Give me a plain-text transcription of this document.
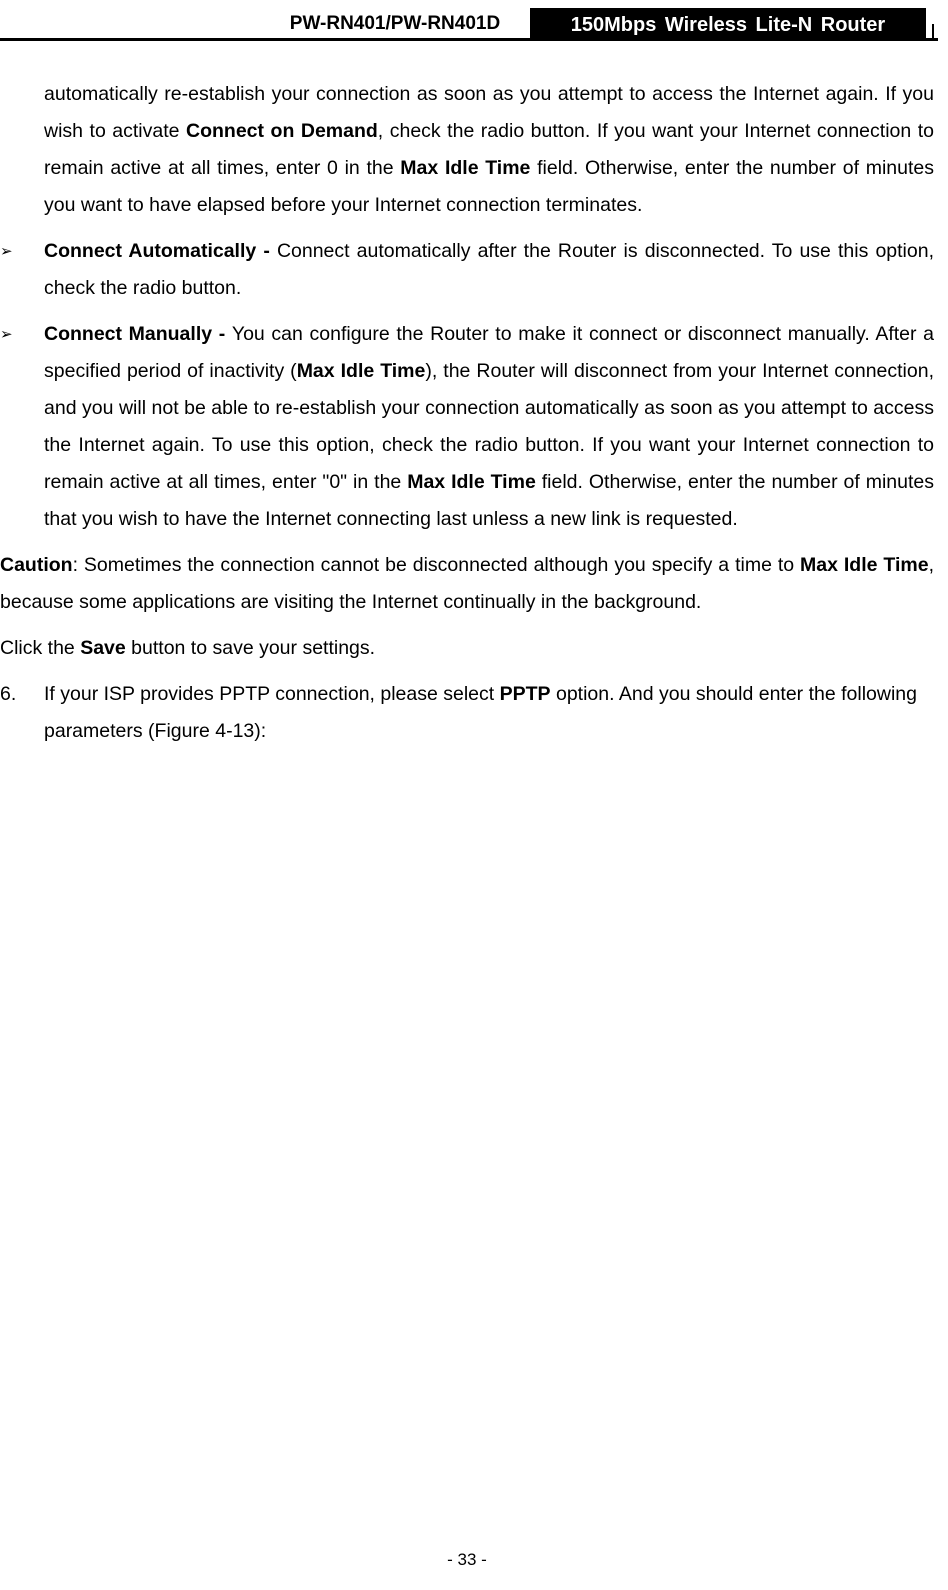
PW-RN401/PW-RN401D	150Mbps Wireless Lite-N Router

automatically re-establish your connection as soon as you attempt to access the Internet again. If you wish to activate Connect on Demand, check the radio button. If you want your Internet connection to remain active at all times, enter 0 in the Max Idle Time field. Otherwise, enter the number of minutes you want to have elapsed before your Internet connection terminates.

➢	Connect Automatically - Connect automatically after the Router is disconnected. To use this option, check the radio button.

➢	Connect Manually - You can configure the Router to make it connect or disconnect manually. After a specified period of inactivity (Max Idle Time), the Router will disconnect from your Internet connection, and you will not be able to re-establish your connection automatically as soon as you attempt to access the Internet again. To use this option, check the radio button. If you want your Internet connection to remain active at all times, enter "0" in the Max Idle Time field. Otherwise, enter the number of minutes that you wish to have the Internet connecting last unless a new link is requested.

Caution: Sometimes the connection cannot be disconnected although you specify a time to Max Idle Time, because some applications are visiting the Internet continually in the background.

Click the Save button to save your settings.

6. If your ISP provides PPTP connection, please select PPTP option. And you should enter the following parameters (Figure 4-13):

- 33 -
